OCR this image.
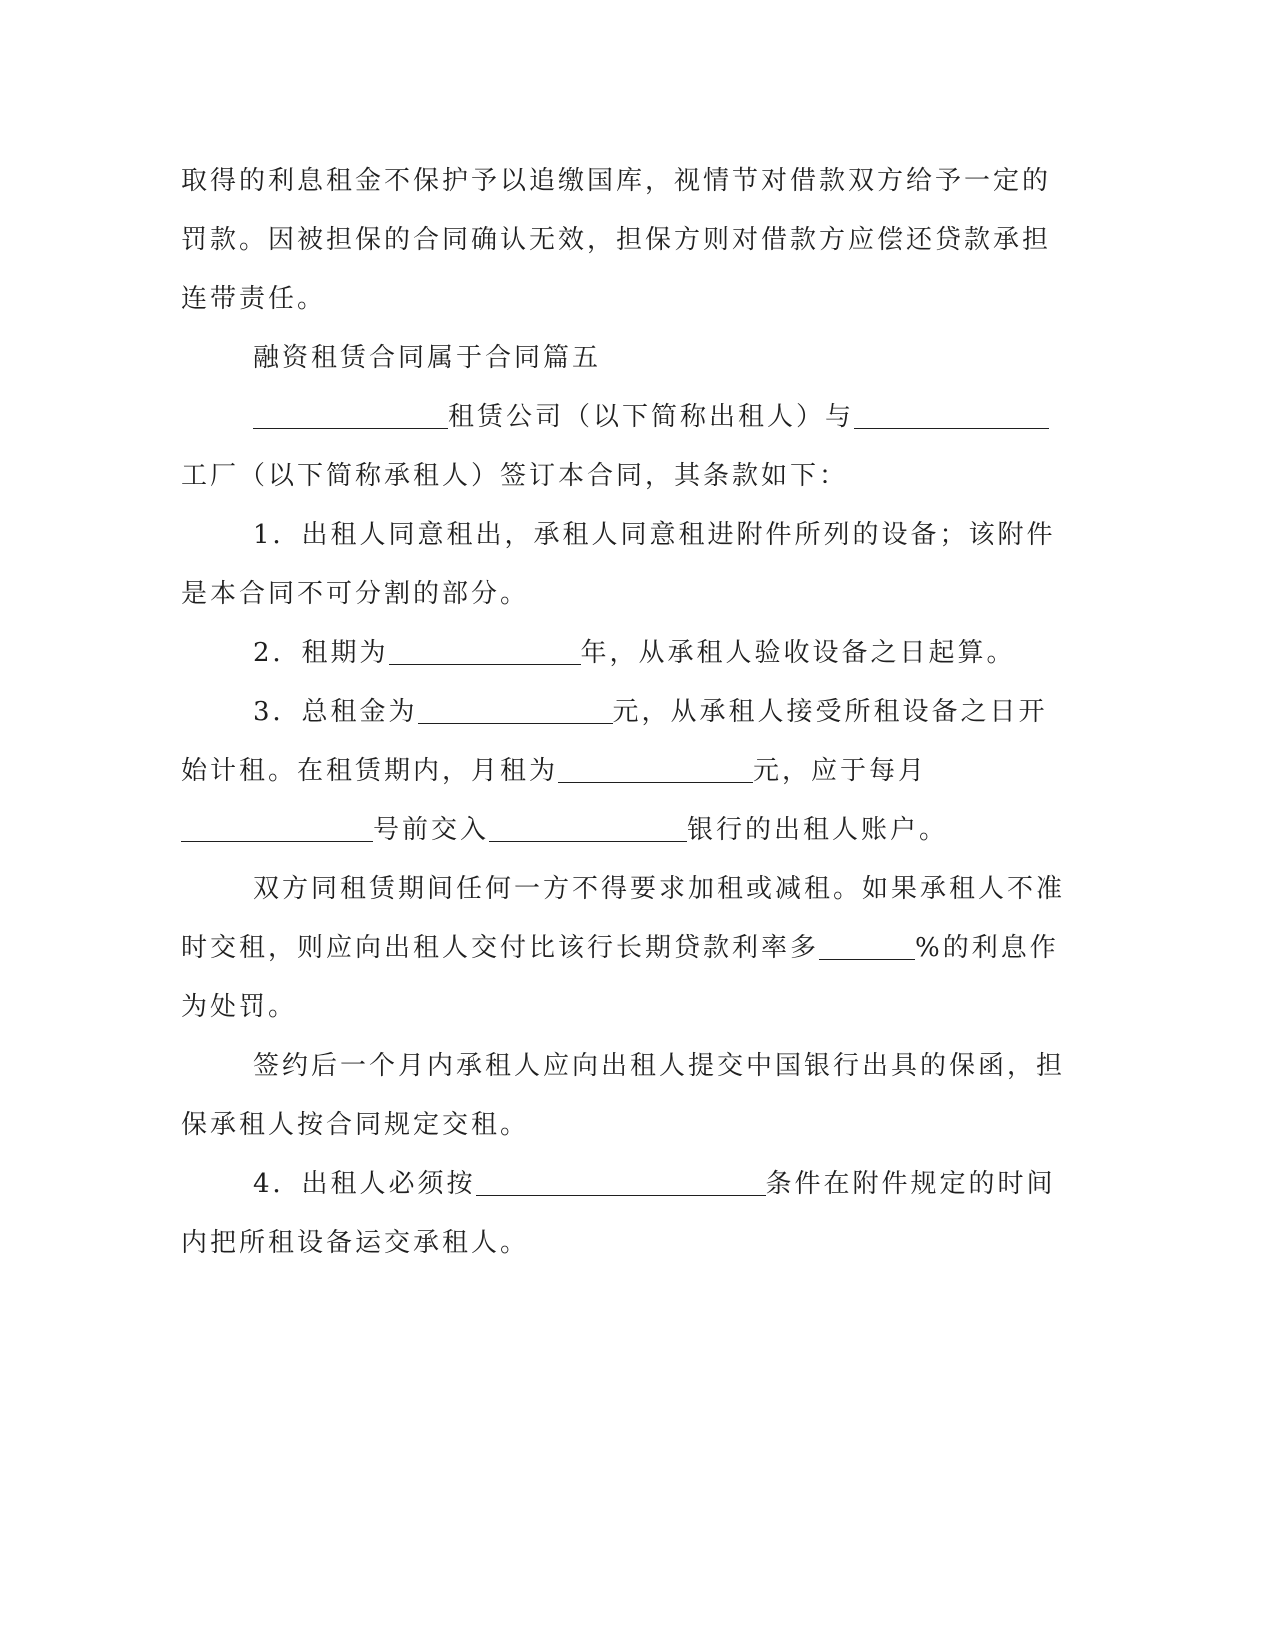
取得的利息租金不保护予以追缴国库，视情节对借款双方给予一定的
罚款。因被担保的合同确认无效，担保方则对借款方应偿还贷款承担
连带责任。
融资租赁合同属于合同篇五
租赁公司（以下简称出租人）与
工厂（以下简称承租人）签订本合同，其条款如下：
1．出租人同意租出，承租人同意租进附件所列的设备；该附件
是本合同不可分割的部分。
2．租期为	年，从承租人验收设备之日起算。
3．总租金为	元，从承租人接受所租设备之日开
始计租。在租赁期内，月租为	元，应于每月
号前交入	银行的出租人账户。
双方同租赁期间任何一方不得要求加租或减租。如果承租人不准
时交租，则应向出租人交付比该行长期贷款利率多	%的利息作
为处罚。
签约后一个月内承租人应向出租人提交中国银行出具的保函，担
保承租人按合同规定交租。
4．出租人必须按	条件在附件规定的时间
内把所租设备运交承租人。
